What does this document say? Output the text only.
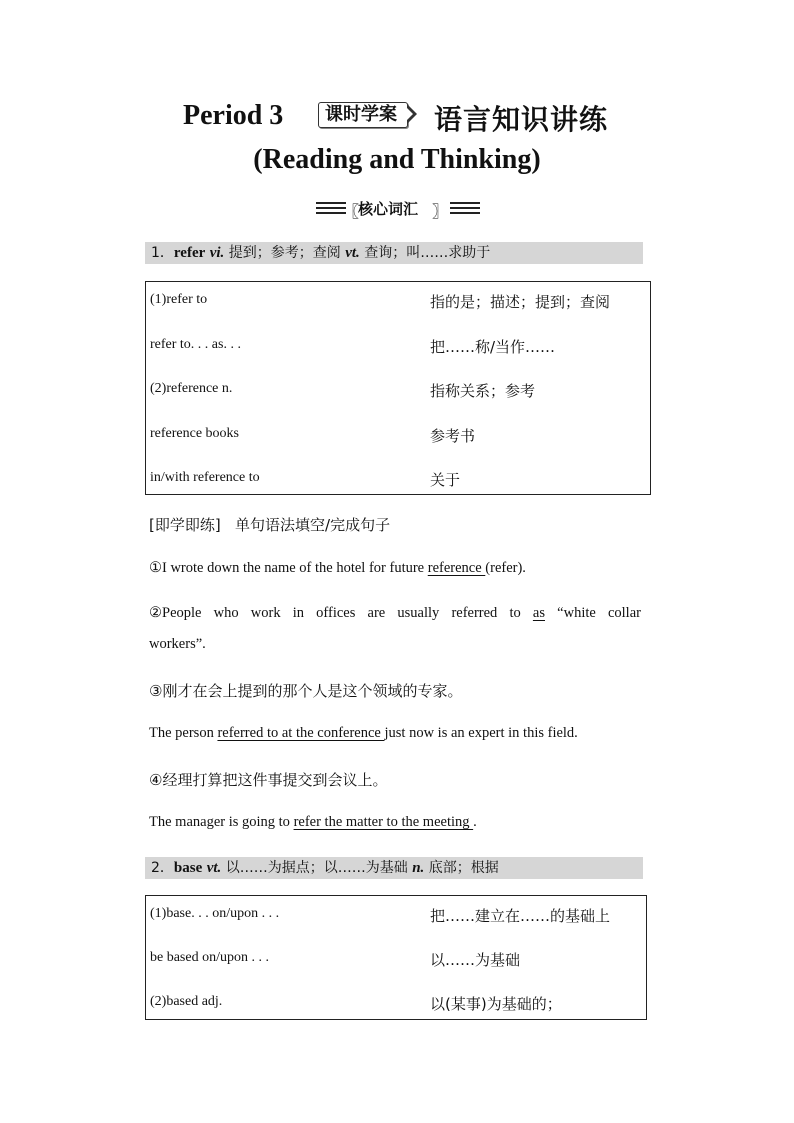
Period 3	课时学案	语言知识讲练
(Reading and Thinking)
〖
核心词汇 〗
1．refer vi. 提到；参考；查阅 vt. 查询；叫……求助于
(1)refer to	指的是；描述；提到；查阅
refer to. . . as. . .	把……称/当作……
(2)reference n.	指称关系；参考
reference books	参考书
in/with reference to	关于
[即学即练] 单句语法填空/完成句子
①I wrote down the name of the hotel for future reference (refer).
②People who work in offices are usually referred to as “white collar
workers”.
③刚才在会上提到的那个人是这个领域的专家。
The person referred to at the conference just now is an expert in this field.
④经理打算把这件事提交到会议上。
The manager is going to refer the matter to the meeting .
2．base vt. 以……为据点；以……为基础 n. 底部；根据
(1)base. . . on/upon . . .	把……建立在……的基础上
be based on/upon . . .	以……为基础
(2)based adj.	以(某事)为基础的；
